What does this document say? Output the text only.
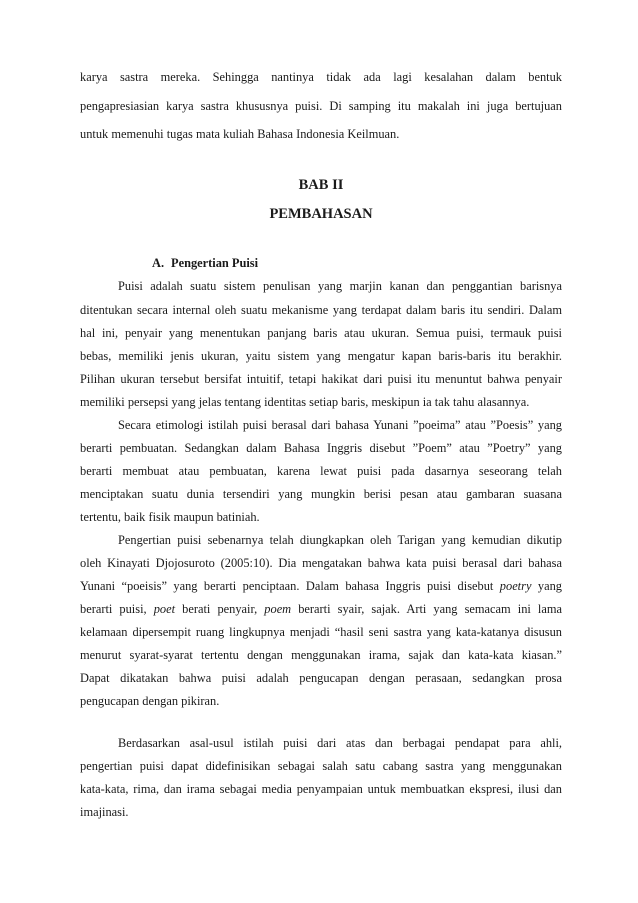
karya sastra mereka. Sehingga nantinya tidak ada lagi kesalahan dalam bentuk
pengapresiasian karya sastra khususnya puisi. Di samping itu makalah ini juga bertujuan
untuk memenuhi tugas mata kuliah Bahasa Indonesia Keilmuan.
BAB II
PEMBAHASAN
A. Pengertian Puisi
Puisi adalah suatu sistem penulisan yang marjin kanan dan penggantian barisnya
ditentukan secara internal oleh suatu mekanisme yang terdapat dalam baris itu sendiri. Dalam
hal ini, penyair yang menentukan panjang baris atau ukuran. Semua puisi, termauk puisi
bebas, memiliki jenis ukuran, yaitu sistem yang mengatur kapan baris-baris itu berakhir.
Pilihan ukuran tersebut bersifat intuitif, tetapi hakikat dari puisi itu menuntut bahwa penyair
memiliki persepsi yang jelas tentang identitas setiap baris, meskipun ia tak tahu alasannya.
Secara etimologi istilah puisi berasal dari bahasa Yunani ”poeima” atau ”Poesis” yang
berarti pembuatan. Sedangkan dalam Bahasa Inggris disebut ”Poem” atau ”Poetry” yang
berarti membuat atau pembuatan, karena lewat puisi pada dasarnya seseorang telah
menciptakan suatu dunia tersendiri yang mungkin berisi pesan atau gambaran suasana
tertentu, baik fisik maupun batiniah.
Pengertian puisi sebenarnya telah diungkapkan oleh Tarigan yang kemudian dikutip
oleh Kinayati Djojosuroto (2005:10). Dia mengatakan bahwa kata puisi berasal dari bahasa
Yunani “poeisis” yang berarti penciptaan. Dalam bahasa Inggris puisi disebut poetry yang
berarti puisi, poet berati penyair, poem berarti syair, sajak. Arti yang semacam ini lama
kelamaan dipersempit ruang lingkupnya menjadi “hasil seni sastra yang kata-katanya disusun
menurut syarat-syarat tertentu dengan menggunakan irama, sajak dan kata-kata kiasan.”
Dapat dikatakan bahwa puisi adalah pengucapan dengan perasaan, sedangkan prosa
pengucapan dengan pikiran.
Berdasarkan asal-usul istilah puisi dari atas dan berbagai pendapat para ahli,
pengertian puisi dapat didefinisikan sebagai salah satu cabang sastra yang menggunakan
kata-kata, rima, dan irama sebagai media penyampaian untuk membuatkan ekspresi, ilusi dan
imajinasi.
